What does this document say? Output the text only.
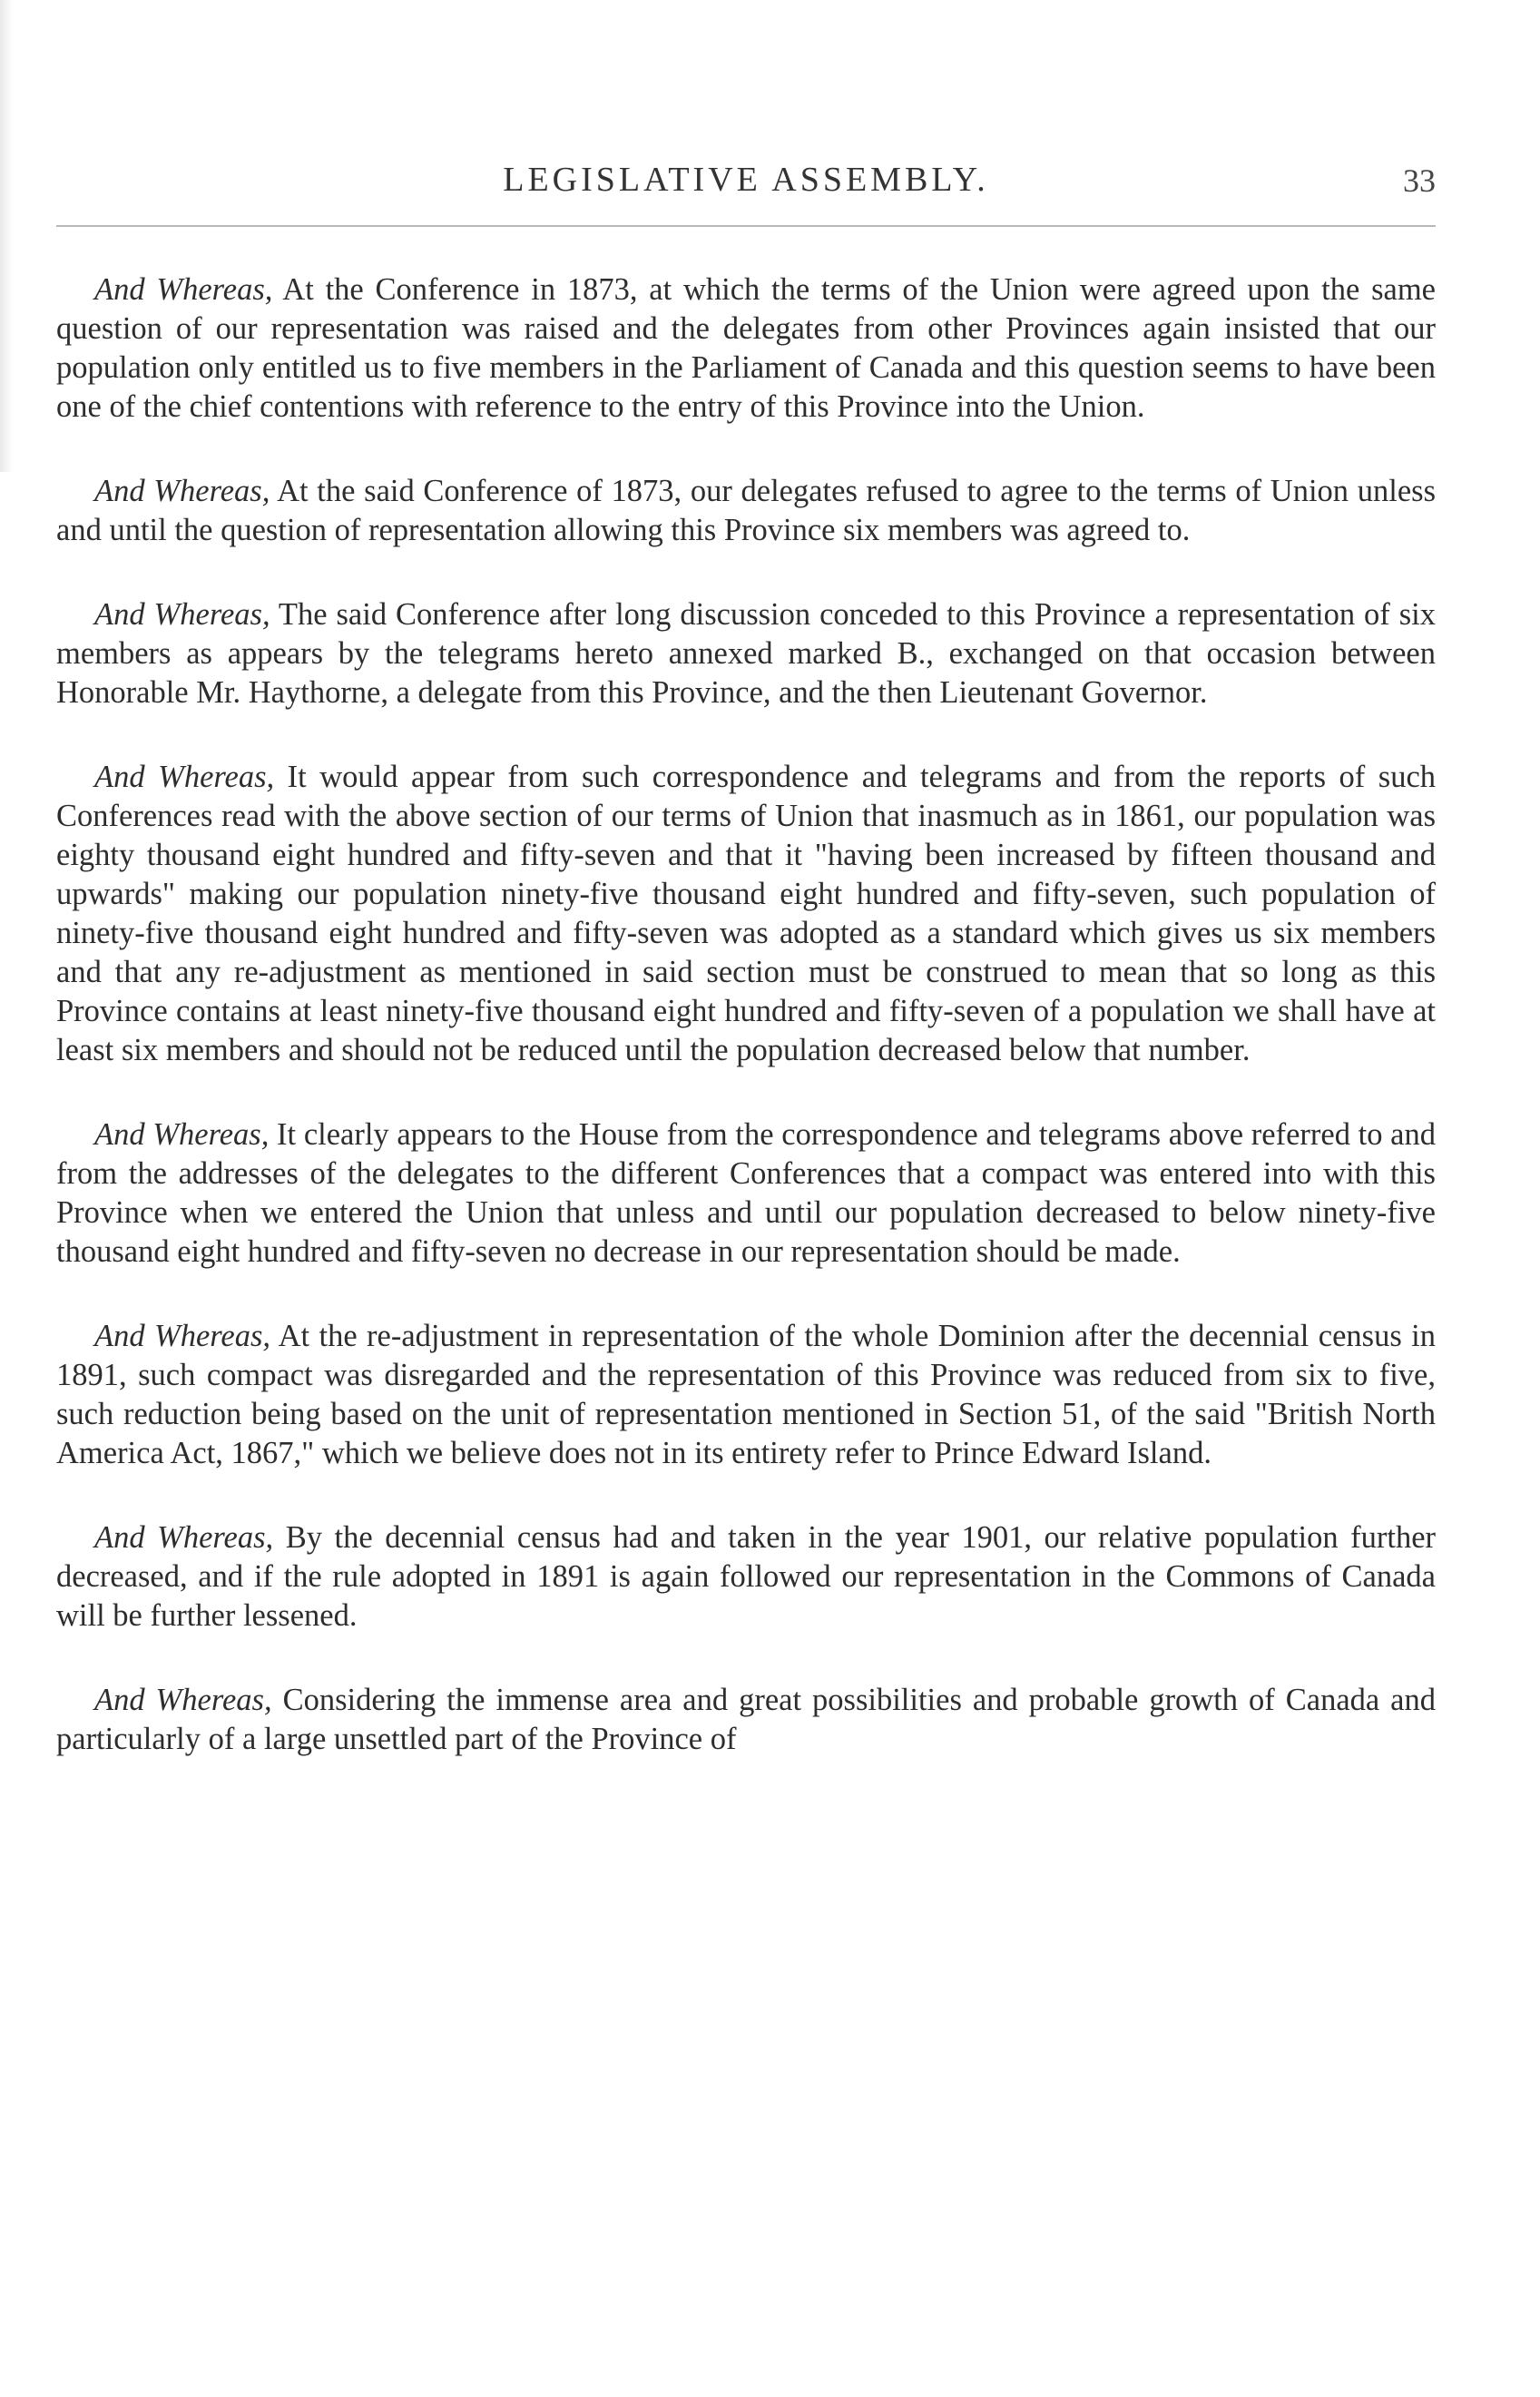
LEGISLATIVE ASSEMBLY.	33

And Whereas, At the Conference in 1873, at which the terms of the Union were agreed upon the same question of our representation was raised and the delegates from other Provinces again insisted that our population only entitled us to five members in the Parliament of Canada and this question seems to have been one of the chief contentions with reference to the entry of this Province into the Union.

And Whereas, At the said Conference of 1873, our delegates refused to agree to the terms of Union unless and until the question of representation allowing this Province six members was agreed to.

And Whereas, The said Conference after long discussion conceded to this Province a representation of six members as appears by the telegrams hereto annexed marked B., exchanged on that occasion between Honorable Mr. Haythorne, a delegate from this Province, and the then Lieutenant Governor.

And Whereas, It would appear from such correspondence and telegrams and from the reports of such Conferences read with the above section of our terms of Union that inasmuch as in 1861, our population was eighty thousand eight hundred and fifty-seven and that it "having been increased by fifteen thousand and upwards" making our population ninety-five thousand eight hundred and fifty-seven, such population of ninety-five thousand eight hundred and fifty-seven was adopted as a standard which gives us six members and that any re-adjustment as mentioned in said section must be construed to mean that so long as this Province contains at least ninety-five thousand eight hundred and fifty-seven of a population we shall have at least six members and should not be reduced until the population decreased below that number.

And Whereas, It clearly appears to the House from the correspondence and telegrams above referred to and from the addresses of the delegates to the different Conferences that a compact was entered into with this Province when we entered the Union that unless and until our population decreased to below ninety-five thousand eight hundred and fifty-seven no decrease in our representation should be made.

And Whereas, At the re-adjustment in representation of the whole Dominion after the decennial census in 1891, such compact was disregarded and the representation of this Province was reduced from six to five, such reduction being based on the unit of representation mentioned in Section 51, of the said "British North America Act, 1867," which we believe does not in its entirety refer to Prince Edward Island.

And Whereas, By the decennial census had and taken in the year 1901, our relative population further decreased, and if the rule adopted in 1891 is again followed our representation in the Commons of Canada will be further lessened.

And Whereas, Considering the immense area and great possibilities and probable growth of Canada and particularly of a large unsettled part of the Province of
